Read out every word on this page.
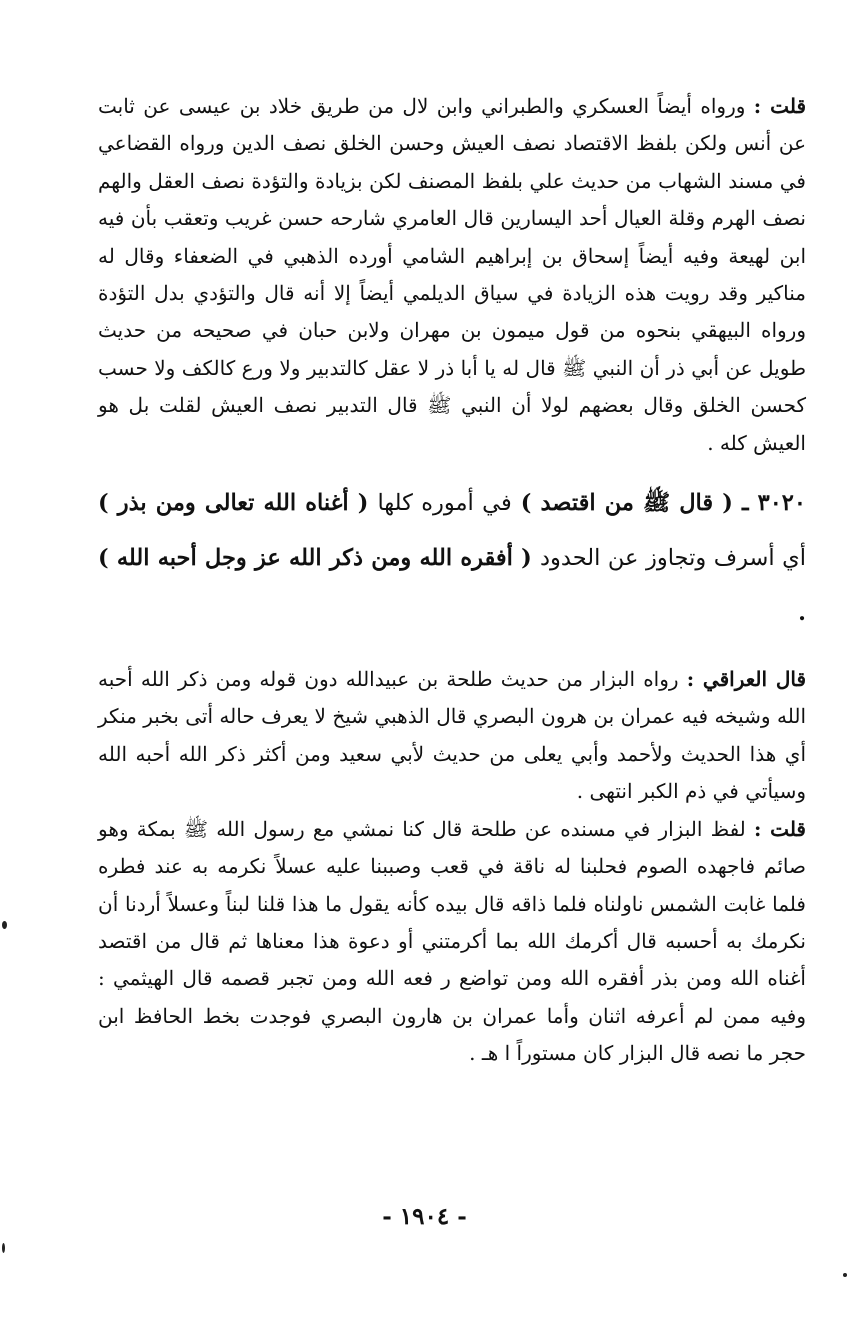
قلت : ورواه أيضاً العسكري والطبراني وابن لال من طريق خلاد بن عيسى عن ثابت عن أنس ولكن بلفظ الاقتصاد نصف العيش وحسن الخلق نصف الدين ورواه القضاعي في مسند الشهاب من حديث علي بلفظ المصنف لكن بزيادة والتؤدة نصف العقل والهم نصف الهرم وقلة العيال أحد اليسارين قال العامري شارحه حسن غريب وتعقب بأن فيه ابن لهيعة وفيه أيضاً إسحاق بن إبراهيم الشامي أورده الذهبي في الضعفاء وقال له مناكير وقد رويت هذه الزيادة في سياق الديلمي أيضاً إلا أنه قال والتؤدي بدل التؤدة ورواه البيهقي بنحوه من قول ميمون بن مهران ولابن حبان في صحيحه من حديث طويل عن أبي ذر أن النبي ﷺ قال له يا أبا ذر لا عقل كالتدبير ولا ورع كالكف ولا حسب كحسن الخلق وقال بعضهم لولا أن النبي ﷺ قال التدبير نصف العيش لقلت بل هو العيش كله .

٣٠٢٠ ـ ( قال ﷺ من اقتصد ) في أموره كلها ( أغناه الله تعالى ومن بذر ) أي أسرف وتجاوز عن الحدود ( أفقره الله ومن ذكر الله عز وجل أحبه الله ) .

قال العراقي : رواه البزار من حديث طلحة بن عبيدالله دون قوله ومن ذكر الله أحبه الله وشيخه فيه عمران بن هرون البصري قال الذهبي شيخ لا يعرف حاله أتى بخبر منكر أي هذا الحديث ولأحمد وأبي يعلى من حديث لأبي سعيد ومن أكثر ذكر الله أحبه الله وسيأتي في ذم الكبر انتهى .

قلت : لفظ البزار في مسنده عن طلحة قال كنا نمشي مع رسول الله ﷺ بمكة وهو صائم فاجهده الصوم فحلبنا له ناقة في قعب وصببنا عليه عسلاً نكرمه به عند فطره فلما غابت الشمس ناولناه فلما ذاقه قال بيده كأنه يقول ما هذا قلنا لبناً وعسلاً أردنا أن نكرمك به أحسبه قال أكرمك الله بما أكرمتني أو دعوة هذا معناها ثم قال من اقتصد أغناه الله ومن بذر أفقره الله ومن تواضع ر فعه الله ومن تجبر قصمه قال الهيثمي : وفيه ممن لم أعرفه اثنان وأما عمران بن هارون البصري فوجدت بخط الحافظ ابن حجر ما نصه قال البزار كان مستوراً ا هـ .

- ١٩٠٤ -
